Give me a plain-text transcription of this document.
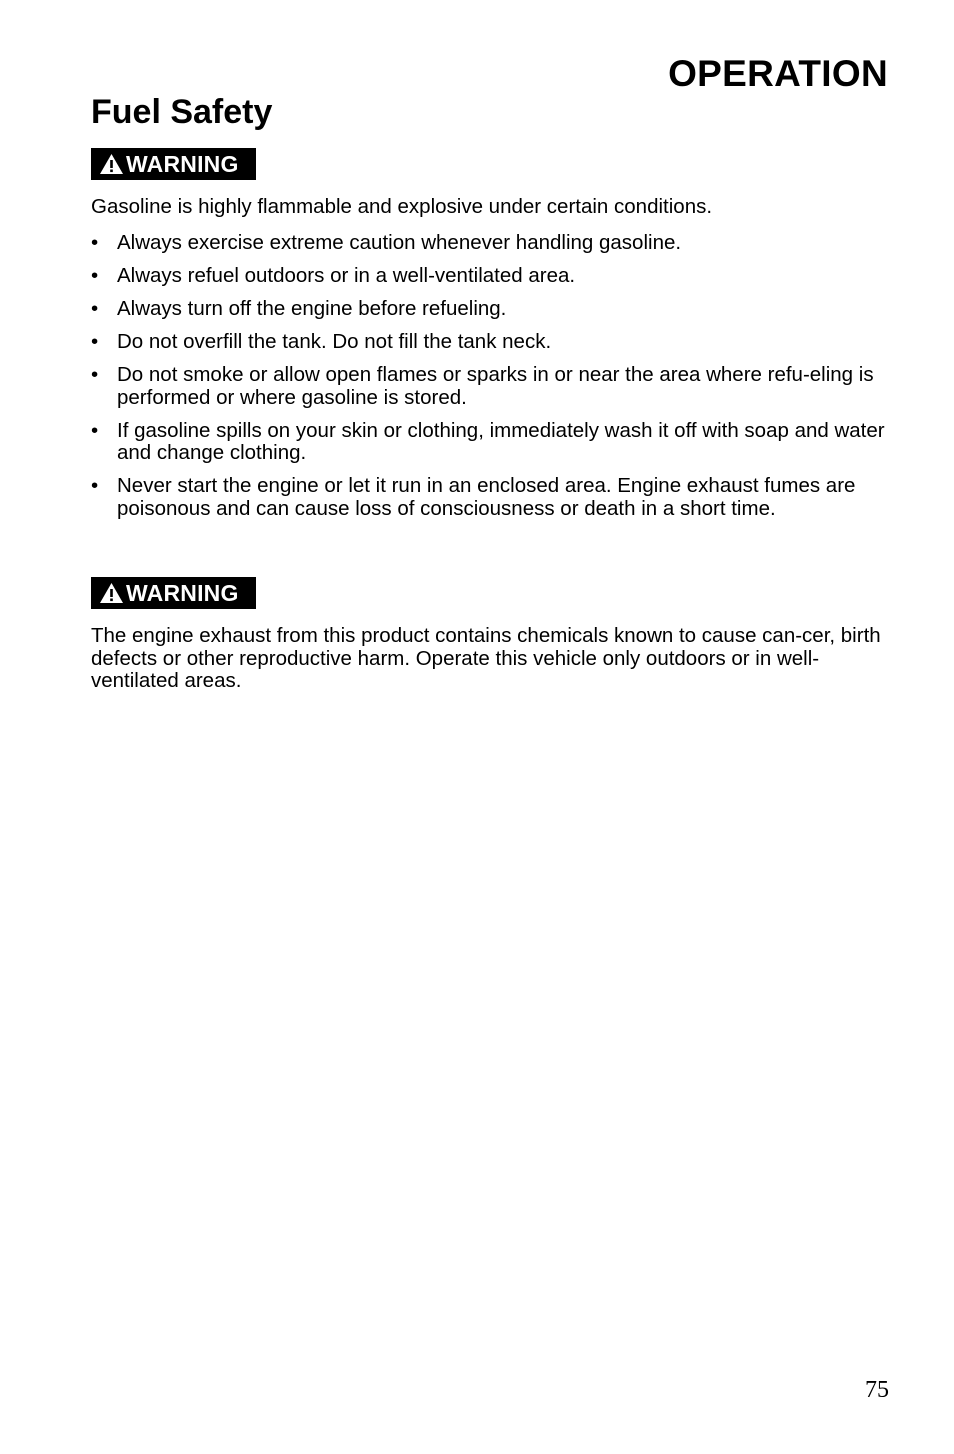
OPERATION
Fuel Safety
WARNING

Gasoline is highly flammable and explosive under certain conditions.

• Always exercise extreme caution whenever handling gasoline.
• Always refuel outdoors or in a well-ventilated area.
• Always turn off the engine before refueling.
• Do not overfill the tank. Do not fill the tank neck.
• Do not smoke or allow open flames or sparks in or near the area where refu-eling is performed or where gasoline is stored.
• If gasoline spills on your skin or clothing, immediately wash it off with soap and water and change clothing.
• Never start the engine or let it run in an enclosed area. Engine exhaust fumes are poisonous and can cause loss of consciousness or death in a short time.
WARNING

The engine exhaust from this product contains chemicals known to cause can-cer, birth defects or other reproductive harm. Operate this vehicle only outdoors or in well-ventilated areas.

75
